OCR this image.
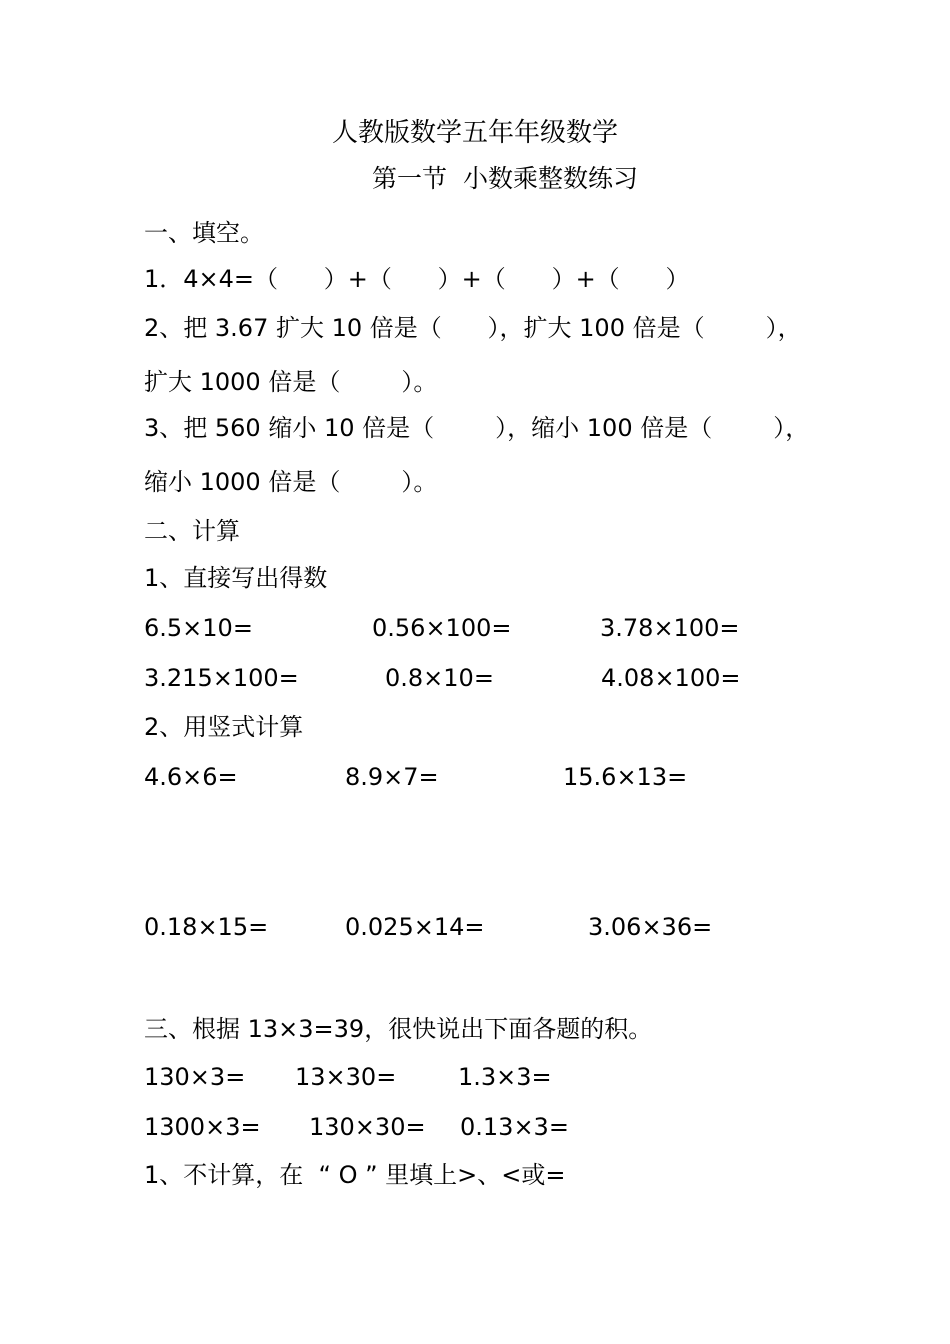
人教版数学五年年级数学
第一节  小数乘整数练习
一、填空。
1．4×4=（      ）+（      ）+（      ）+（      ）
2、把 3.67 扩大 10 倍是（      ），扩大 100 倍是（        ），
扩大 1000 倍是（        ）。
3、把 560 缩小 10 倍是（        ），缩小 100 倍是（        ），
缩小 1000 倍是（        ）。
二、计算
1、直接写出得数
6.5×10=	0.56×100=	3.78×100=
3.215×100=	0.8×10=	4.08×100=
2、用竖式计算
4.6×6=	8.9×7=	15.6×13=
0.18×15=	0.025×14=	3.06×36=
三、根据 13×3=39，很快说出下面各题的积。
130×3= 13×30=	1.3×3=
1300×3= 130×30= 0.13×3=
1、不计算，在  “ O ” 里填上>、<或=
